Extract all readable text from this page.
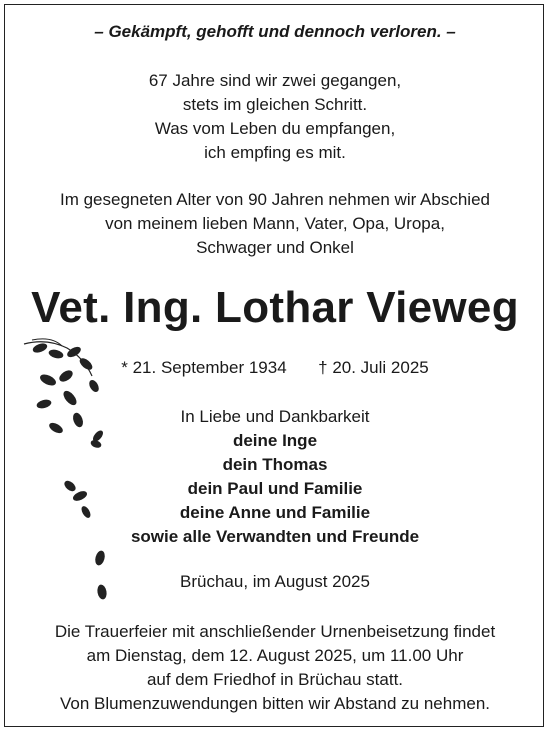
– Gekämpft, gehofft und dennoch verloren. –
67 Jahre sind wir zwei gegangen,
stets im gleichen Schritt.
Was vom Leben du empfangen,
ich empfing es mit.
Im gesegneten Alter von 90 Jahren nehmen wir Abschied
von meinem lieben Mann, Vater, Opa, Uropa,
Schwager und Onkel
Vet. Ing. Lothar Vieweg
* 21. September 1934 † 20. Juli 2025
In Liebe und Dankbarkeit
deine Inge
dein Thomas
dein Paul und Familie
deine Anne und Familie
sowie alle Verwandten und Freunde
Brüchau, im August 2025
Die Trauerfeier mit anschließender Urnenbeisetzung findet
am Dienstag, dem 12. August 2025, um 11.00 Uhr
auf dem Friedhof in Brüchau statt.
Von Blumenzuwendungen bitten wir Abstand zu nehmen.
